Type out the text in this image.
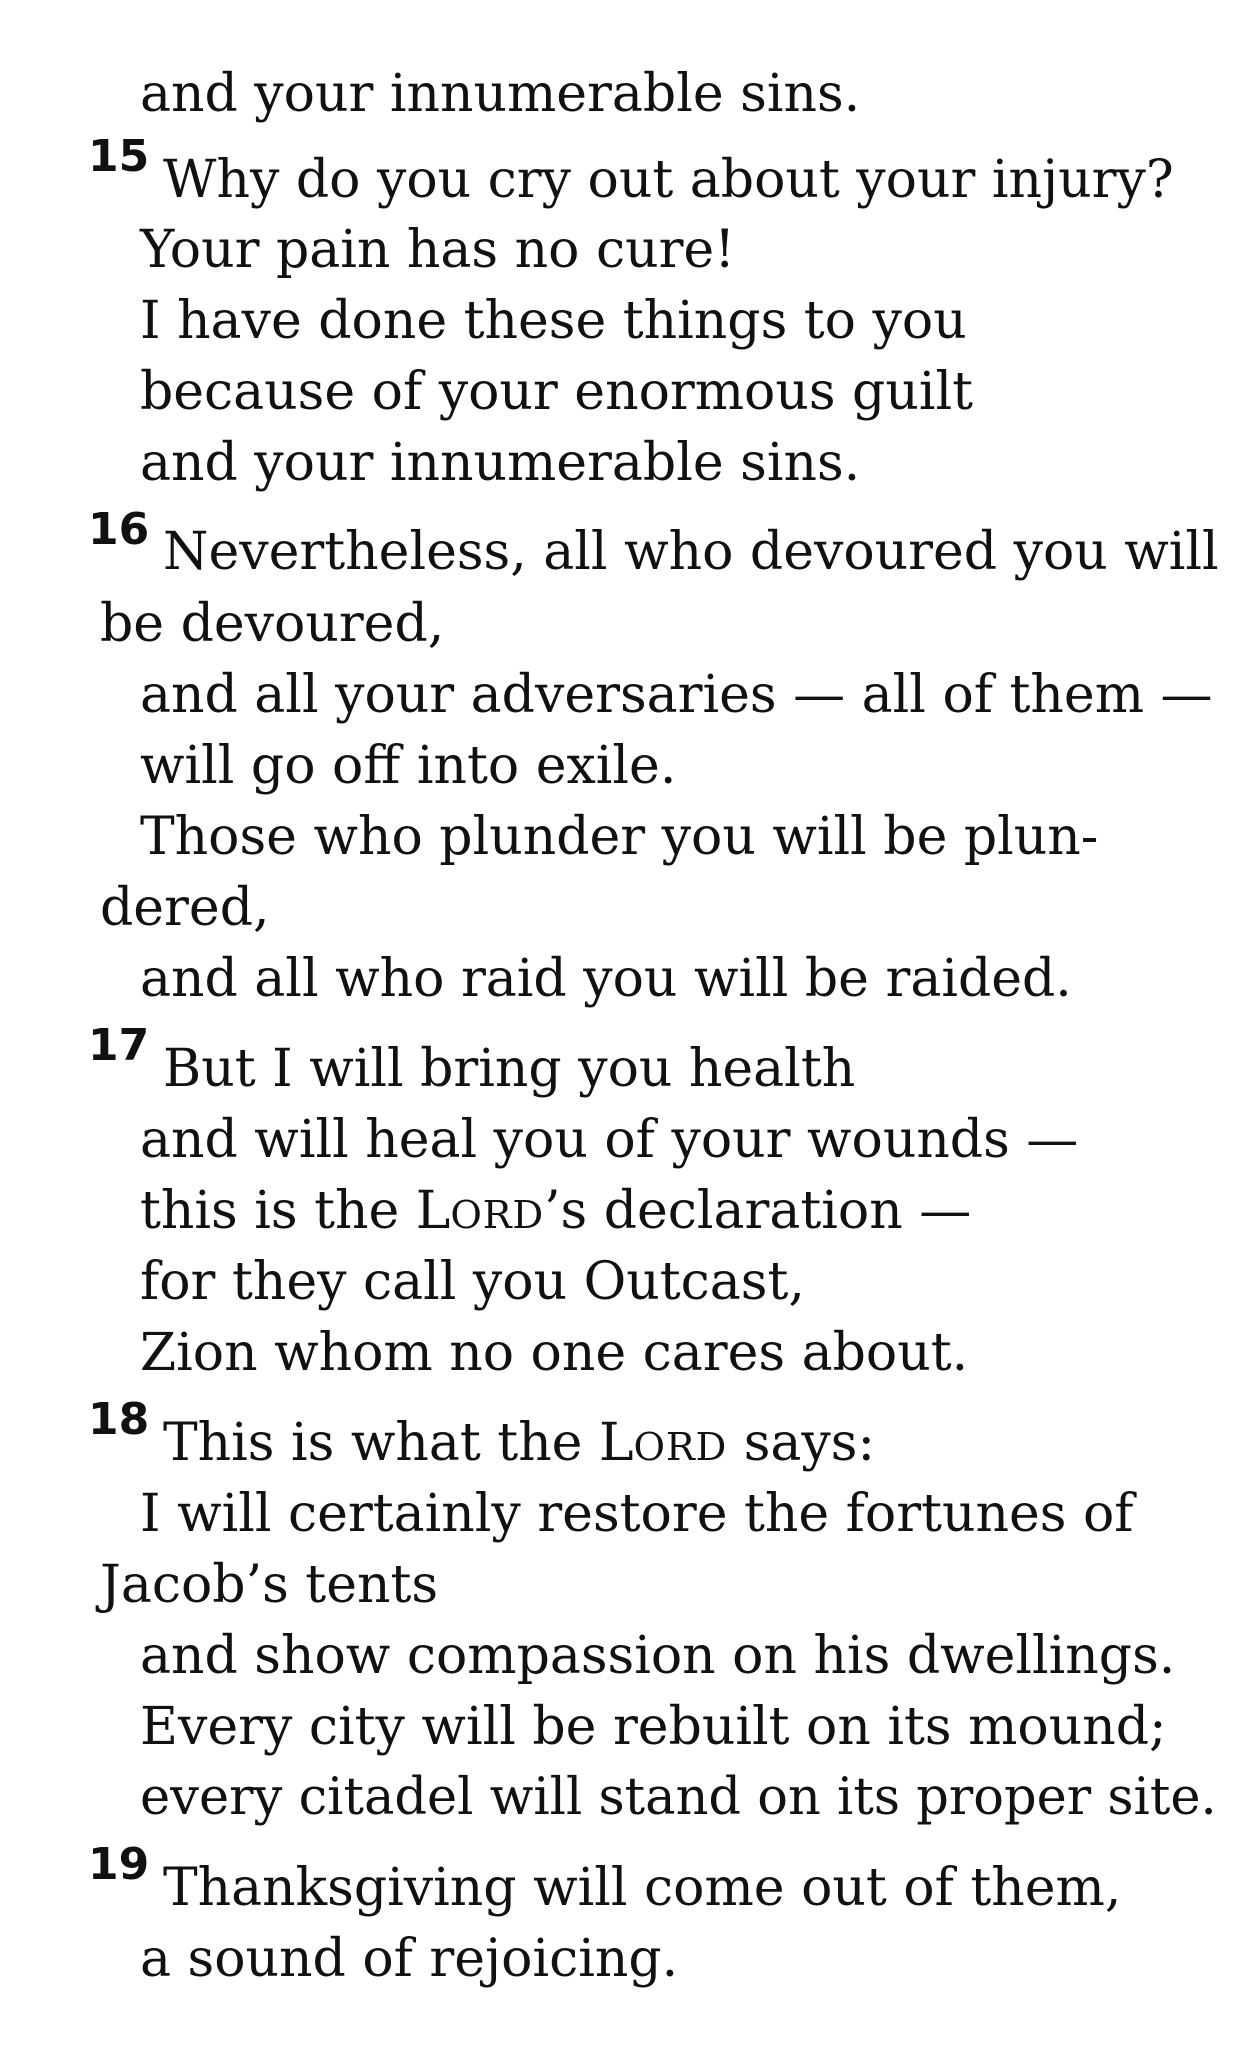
and your innumerable sins.
15 Why do you cry out about your injury?
Your pain has no cure!
I have done these things to you
because of your enormous guilt
and your innumerable sins.
16 Nevertheless, all who devoured you will
be devoured,
and all your adversaries — all of them —
will go off into exile.
Those who plunder you will be plun-
dered,
and all who raid you will be raided.
17 But I will bring you health
and will heal you of your wounds —
this is the LORD’s declaration —
for they call you Outcast,
Zion whom no one cares about.
18 This is what the LORD says:
I will certainly restore the fortunes of
Jacob’s tents
and show compassion on his dwellings.
Every city will be rebuilt on its mound;
every citadel will stand on its proper site.
19 Thanksgiving will come out of them,
a sound of rejoicing.
